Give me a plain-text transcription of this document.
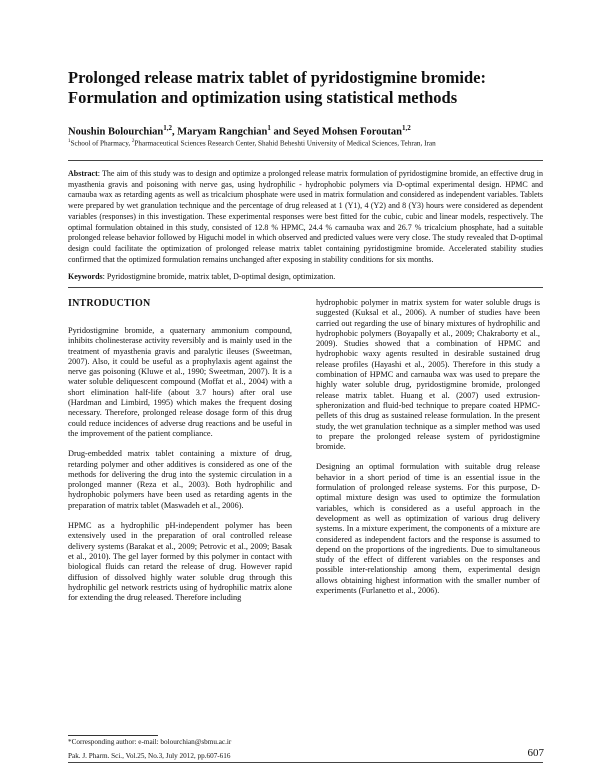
Prolonged release matrix tablet of pyridostigmine bromide:
Formulation and optimization using statistical methods
Noushin Bolourchian$^{1,2}$, Maryam Rangchian$^1$ and Seyed Mohsen Foroutan$^{1,2}$
$^1$School of Pharmacy, $^2$Pharmaceutical Sciences Research Center, Shahid Beheshti University of Medical Sciences, Tehran, Iran

Abstract: The aim of this study was to design and optimize a prolonged release matrix formulation of pyridostigmine bromide, an effective drug in myasthenia gravis and poisoning with nerve gas, using hydrophilic - hydrophobic polymers via D-optimal experimental design. HPMC and carnauba wax as retarding agents as well as tricalcium phosphate were used in matrix formulation and considered as independent variables. Tablets were prepared by wet granulation technique and the percentage of drug released at 1 (Y1), 4 (Y2) and 8 (Y3) hours were considered as dependent variables (responses) in this investigation. These experimental responses were best fitted for the cubic, cubic and linear models, respectively. The optimal formulation obtained in this study, consisted of 12.8 % HPMC, 24.4 % carnauba wax and 26.7 % tricalcium phosphate, had a suitable prolonged release behavior followed by Higuchi model in which observed and predicted values were very close. The study revealed that D-optimal design could facilitate the optimization of prolonged release matrix tablet containing pyridostigmine bromide. Accelerated stability studies confirmed that the optimized formulation remains unchanged after exposing in stability conditions for six months.

Keywords: Pyridostigmine bromide, matrix tablet, D-optimal design, optimization.
INTRODUCTION

Pyridostigmine bromide, a quaternary ammonium compound, inhibits cholinesterase activity reversibly and is mainly used in the treatment of myasthenia gravis and paralytic ileuses (Sweetman, 2007). Also, it could be useful as a prophylaxis agent against the nerve gas poisoning (Kluwe et al., 1990; Sweetman, 2007). It is a water soluble deliquescent compound (Moffat et al., 2004) with a short elimination half-life (about 3.7 hours) after oral use (Hardman and Limbird, 1995) which makes the frequent dosing necessary. Therefore, prolonged release dosage form of this drug could reduce incidences of adverse drug reactions and be useful in the improvement of the patient compliance.

Drug-embedded matrix tablet containing a mixture of drug, retarding polymer and other additives is considered as one of the methods for delivering the drug into the systemic circulation in a prolonged manner (Reza et al., 2003). Both hydrophilic and hydrophobic polymers have been used as retarding agents in the preparation of matrix tablet (Maswadeh et al., 2006).

HPMC as a hydrophilic pH-independent polymer has been extensively used in the preparation of oral controlled release delivery systems (Barakat et al., 2009; Petrovic et al., 2009; Basak et al., 2010). The gel layer formed by this polymer in contact with biological fluids can retard the release of drug. However rapid diffusion of dissolved highly water soluble drug through this hydrophilic gel network restricts using of hydrophilic matrix alone for extending the drug released. Therefore including

hydrophobic polymer in matrix system for water soluble drugs is suggested (Kuksal et al., 2006). A number of studies have been carried out regarding the use of binary mixtures of hydrophilic and hydrophobic polymers (Boyapally et al., 2009; Chakraborty et al., 2009). Studies showed that a combination of HPMC and hydrophobic waxy agents resulted in desirable sustained drug release profiles (Hayashi et al., 2005). Therefore in this study a combination of HPMC and carnauba wax was used to prepare the highly water soluble drug, pyridostigmine bromide, prolonged release matrix tablet. Huang et al. (2007) used extrusion-spheronization and fluid-bed technique to prepare coated HPMC-pellets of this drug as sustained release formulation. In the present study, the wet granulation technique as a simpler method was used to prepare the prolonged release system of pyridostigmine bromide.

Designing an optimal formulation with suitable drug release behavior in a short period of time is an essential issue in the formulation of prolonged release systems. For this purpose, D-optimal mixture design was used to optimize the formulation variables, which is considered as a useful approach in the development as well as optimization of various drug delivery systems. In a mixture experiment, the components of a mixture are considered as independent factors and the response is assumed to depend on the proportions of the ingredients. Due to simultaneous study of the effect of different variables on the responses and possible inter-relationship among them, experimental design allows obtaining highest information with the smaller number of experiments (Furlanetto et al., 2006).

*Corresponding author: e-mail: bolourchian@sbmu.ac.ir
Pak. J. Pharm. Sci., Vol.25, No.3, July 2012, pp.607-616	607
